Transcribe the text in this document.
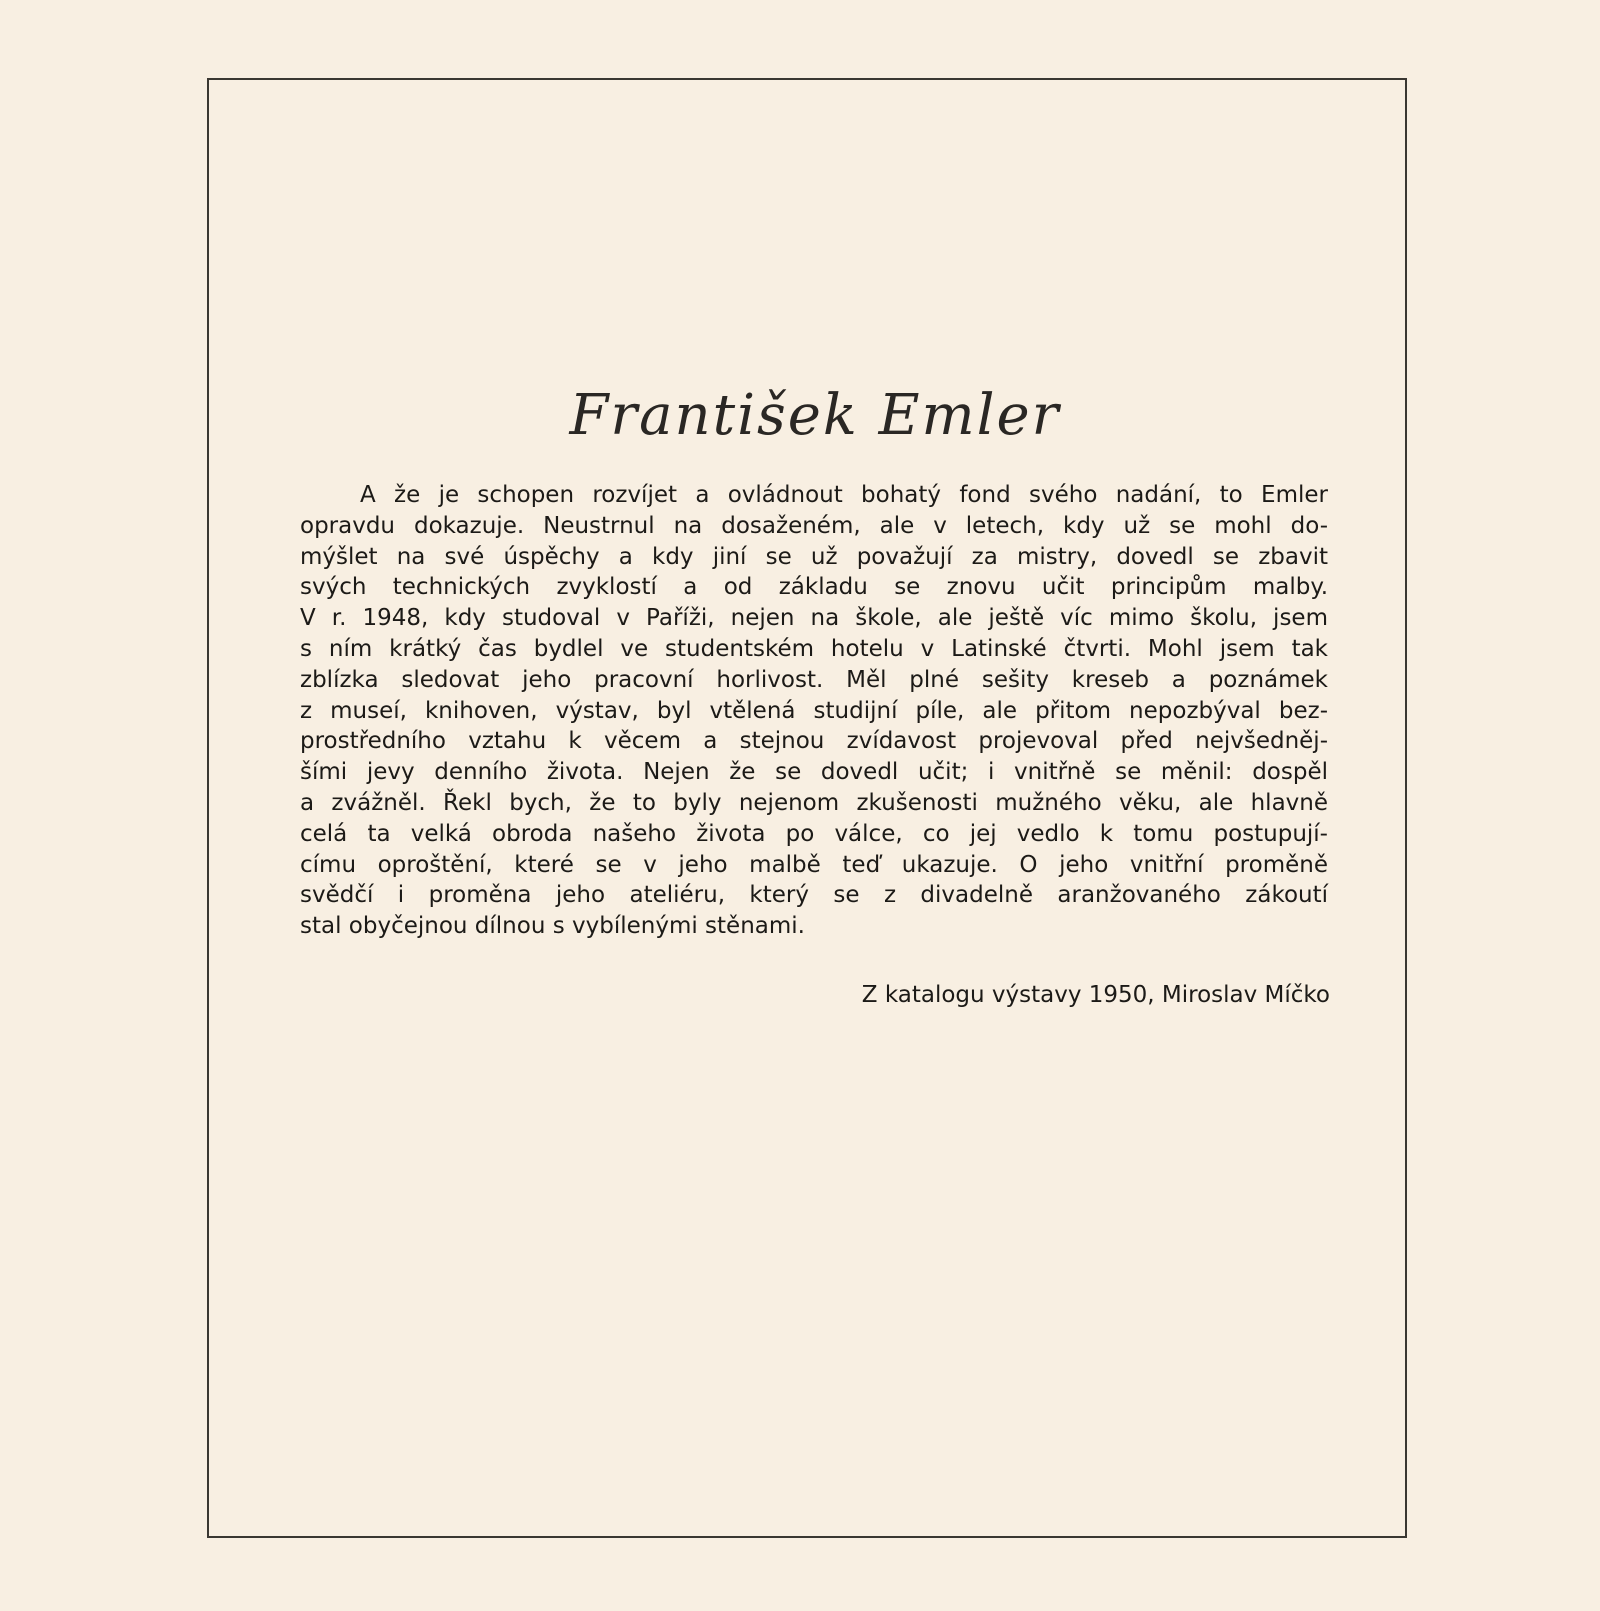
František Emler
A že je schopen rozvíjet a ovládnout bohatý fond svého nadání, to Emler
opravdu dokazuje. Neustrnul na dosaženém, ale v letech, kdy už se mohl do-
mýšlet na své úspěchy a kdy jiní se už považují za mistry, dovedl se zbavit
svých technických zvyklostí a od základu se znovu učit principům malby.
V r. 1948, kdy studoval v Paříži, nejen na škole, ale ještě víc mimo školu, jsem
s ním krátký čas bydlel ve studentském hotelu v Latinské čtvrti. Mohl jsem tak
zblízka sledovat jeho pracovní horlivost. Měl plné sešity kreseb a poznámek
z museí, knihoven, výstav, byl vtělená studijní píle, ale přitom nepozbýval bez-
prostředního vztahu k věcem a stejnou zvídavost projevoval před nejvšedněj-
šími jevy denního života. Nejen že se dovedl učit; i vnitřně se měnil: dospěl
a zvážněl. Řekl bych, že to byly nejenom zkušenosti mužného věku, ale hlavně
celá ta velká obroda našeho života po válce, co jej vedlo k tomu postupují-
címu oproštění, které se v jeho malbě teď ukazuje. O jeho vnitřní proměně
svědčí i proměna jeho ateliéru, který se z divadelně aranžovaného zákoutí
stal obyčejnou dílnou s vybílenými stěnami.

Z katalogu výstavy 1950, Miroslav Míčko
